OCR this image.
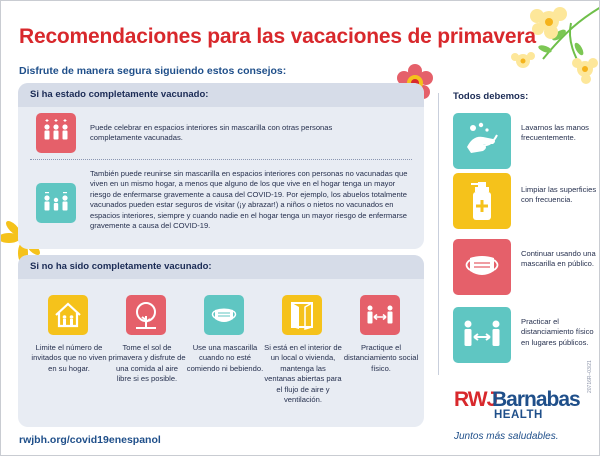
Recomendaciones para las vacaciones de primavera
Disfrute de manera segura siguiendo estos consejos:
Si ha estado completamente vacunado:
Puede celebrar en espacios interiores sin mascarilla con otras personas completamente vacunadas.
También puede reunirse sin mascarilla en espacios interiores con personas no vacunadas que viven en un mismo hogar, a menos que alguno de los que vive en el hogar tenga un mayor riesgo de enfermarse gravemente a causa del COVID-19. Por ejemplo, los abuelos totalmente vacunados pueden estar seguros de visitar (¡y abrazar!) a niños o nietos no vacunados en espacios interiores, siempre y cuando nadie en el hogar tenga un mayor riesgo de enfermarse gravemente a causa del COVID-19.
Si no ha sido completamente vacunado:
Limite el número de invitados que no viven en su hogar.
Tome el sol de primavera y disfrute de una comida al aire libre si es posible.
Use una mascarilla cuando no esté comiendo ni bebiendo.
Si está en el interior de un local o vivienda, mantenga las ventanas abiertas para el flujo de aire y ventilación.
Practique el distanciamiento social físico.
Todos debemos:
Lavarnos las manos frecuentemente.
Limpiar las superficies con frecuencia.
Continuar usando una mascarilla en público.
Practicar el distanciamiento físico en lugares públicos.
rwjbh.org/covid19enespanol
RWJ
Barnabas
HEALTH
Juntos más saludables.
20716R–03/21
